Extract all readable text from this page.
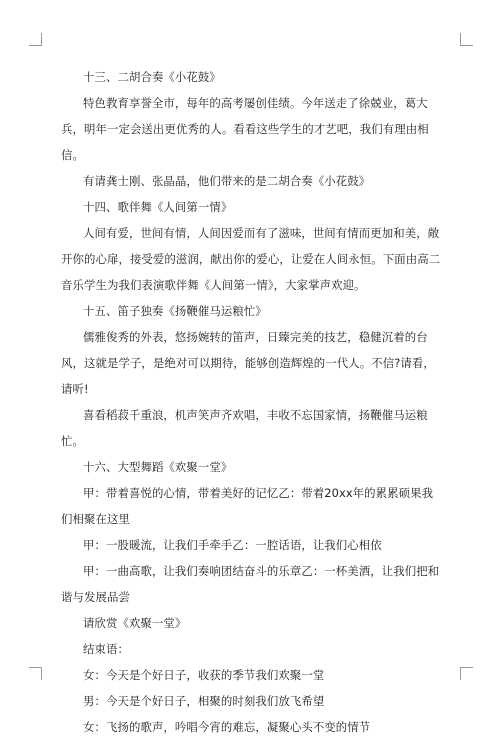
十三、二胡合奏《小花鼓》

特色教育享誉全市，每年的高考屡创佳绩。今年送走了徐兢业，葛大兵，明年一定会送出更优秀的人。看看这些学生的才艺吧，我们有理由相信。

有请龚士刚、张晶晶，他们带来的是二胡合奏《小花鼓》

十四、歌伴舞《人间第一情》

人间有爱，世间有情，人间因爱而有了滋味，世间有情而更加和美，敞开你的心扉，接受爱的滋润，献出你的爱心，让爱在人间永恒。下面由高二音乐学生为我们表演歌伴舞《人间第一情》，大家掌声欢迎。

十五、笛子独奏《扬鞭催马运粮忙》

儒雅俊秀的外表，悠扬婉转的笛声，日臻完美的技艺，稳健沉着的台风，这就是学子，是绝对可以期待，能够创造辉煌的一代人。不信?请看，请听!

喜看稻菽千重浪，机声笑声齐欢唱，丰收不忘国家情，扬鞭催马运粮忙。

十六、大型舞蹈《欢聚一堂》

甲：带着喜悦的心情，带着美好的记忆乙：带着20xx年的累累硕果我们相聚在这里

甲：一股暖流，让我们手牵手乙：一腔话语，让我们心相依

甲：一曲高歌，让我们奏响团结奋斗的乐章乙：一杯美酒，让我们把和谐与发展品尝

请欣赏《欢聚一堂》

结束语：

女：今天是个好日子，收获的季节我们欢聚一堂

男：今天是个好日子，相聚的时刻我们放飞希望

女：飞扬的歌声，吟唱今宵的难忘，凝聚心头不变的情节
